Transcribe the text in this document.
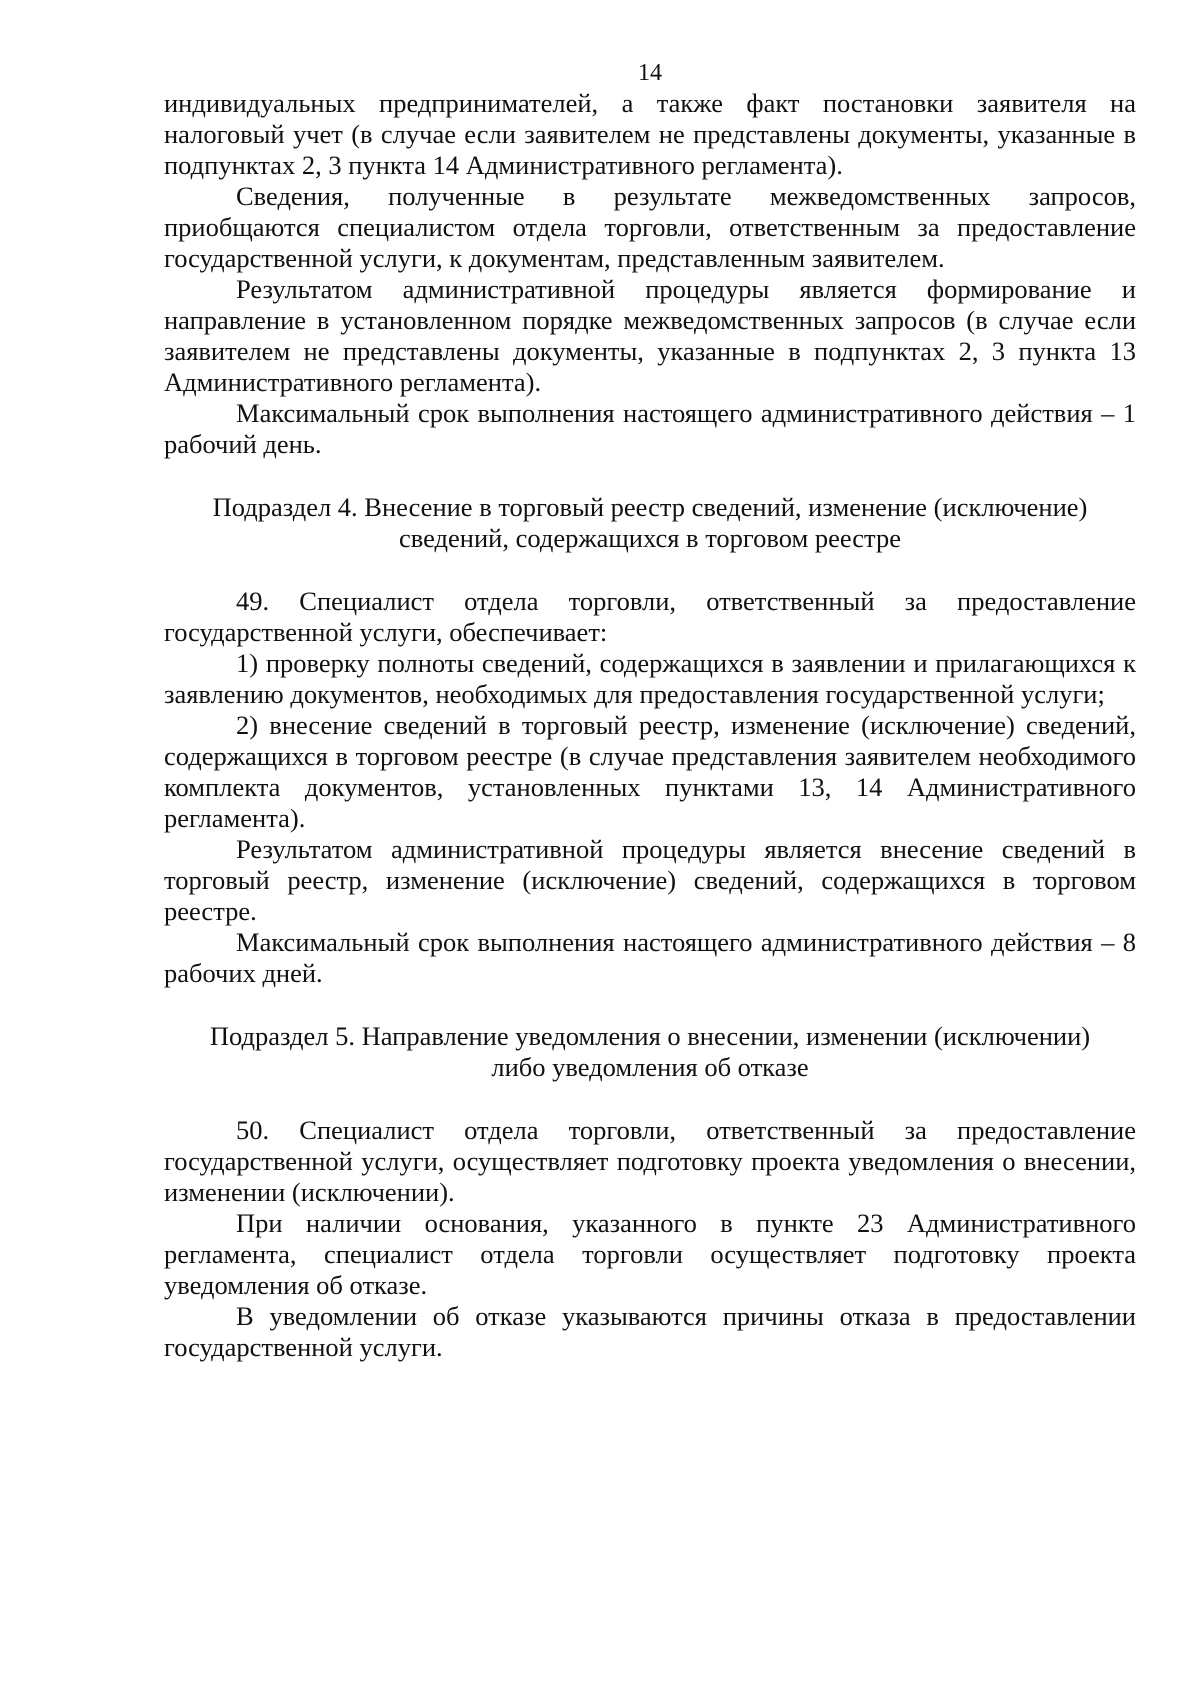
14

индивидуальных предпринимателей, а также факт постановки заявителя на налоговый учет (в случае если заявителем не представлены документы, указанные в подпунктах 2, 3 пункта 14 Административного регламента).

Сведения, полученные в результате межведомственных запросов, приобщаются специалистом отдела торговли, ответственным за предоставление государственной услуги, к документам, представленным заявителем.

Результатом административной процедуры является формирование и направление в установленном порядке межведомственных запросов (в случае если заявителем не представлены документы, указанные в подпунктах 2, 3 пункта 13 Административного регламента).

Максимальный срок выполнения настоящего административного действия – 1 рабочий день.

Подраздел 4. Внесение в торговый реестр сведений, изменение (исключение)
сведений, содержащихся в торговом реестре

49. Специалист отдела торговли, ответственный за предоставление государственной услуги, обеспечивает:

1) проверку полноты сведений, содержащихся в заявлении и прилагающихся к заявлению документов, необходимых для предоставления государственной услуги;

2) внесение сведений в торговый реестр, изменение (исключение) сведений, содержащихся в торговом реестре (в случае представления заявителем необходимого комплекта документов, установленных пунктами 13, 14 Административного регламента).

Результатом административной процедуры является внесение сведений в торговый реестр, изменение (исключение) сведений, содержащихся в торговом реестре.

Максимальный срок выполнения настоящего административного действия – 8 рабочих дней.

Подраздел 5. Направление уведомления о внесении, изменении (исключении)
либо уведомления об отказе

50. Специалист отдела торговли, ответственный за предоставление государственной услуги, осуществляет подготовку проекта уведомления о внесении, изменении (исключении).

При наличии основания, указанного в пункте 23 Административного регламента, специалист отдела торговли осуществляет подготовку проекта уведомления об отказе.

В уведомлении об отказе указываются причины отказа в предоставлении государственной услуги.
